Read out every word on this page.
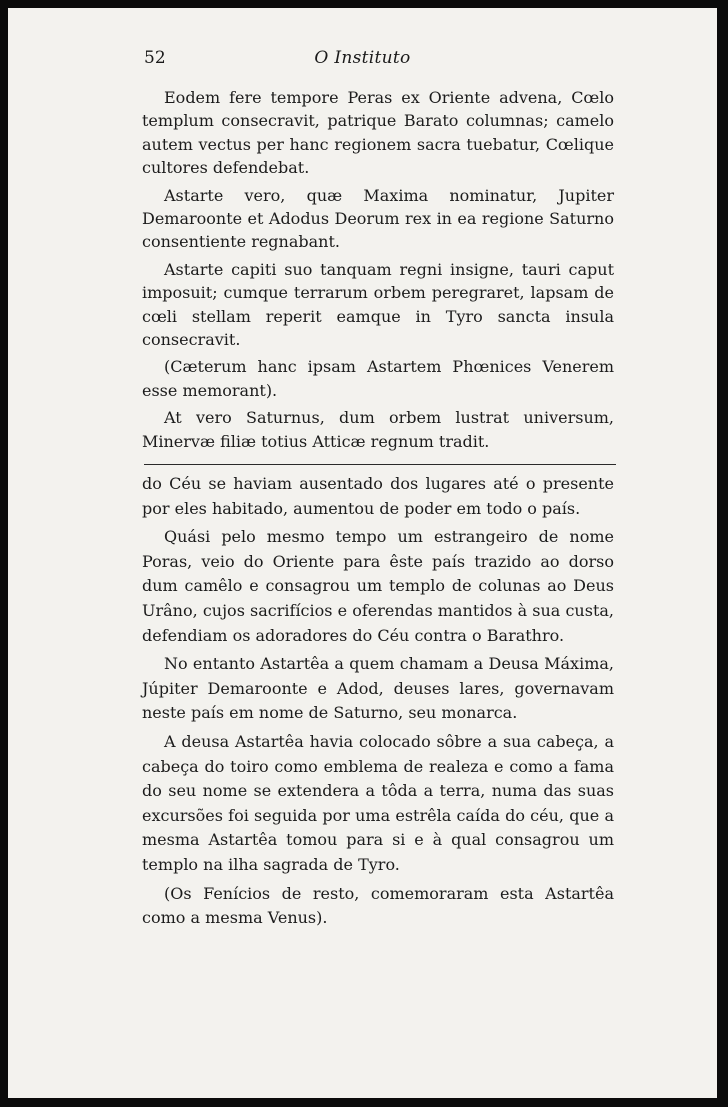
52	O Instituto

Eodem fere tempore Peras ex Oriente advena, Cœlo templum consecravit, patrique Barato columnas; camelo autem vectus per hanc regionem sacra tuebatur, Cœlique cultores defendebat.

Astarte vero, quæ Maxima nominatur, Jupiter Demaroonte et Adodus Deorum rex in ea regione Saturno consentiente regnabant.

Astarte capiti suo tanquam regni insigne, tauri caput imposuit; cumque terrarum orbem peregraret, lapsam de cœli stellam reperit eamque in Tyro sancta insula consecravit.

(Cæterum hanc ipsam Astartem Phœnices Venerem esse memorant).

At vero Saturnus, dum orbem lustrat universum, Minervæ filiæ totius Atticæ regnum tradit.

do Céu se haviam ausentado dos lugares até o presente por eles habitado, aumentou de poder em todo o país.

Quási pelo mesmo tempo um estrangeiro de nome Poras, veio do Oriente para êste país trazido ao dorso dum camêlo e consagrou um templo de colunas ao Deus Urâno, cujos sacrifícios e oferendas mantidos à sua custa, defendiam os adoradores do Céu contra o Barathro.

No entanto Astartêa a quem chamam a Deusa Máxima, Júpiter Demaroonte e Adod, deuses lares, governavam neste país em nome de Saturno, seu monarca.

A deusa Astartêa havia colocado sôbre a sua cabeça, a cabeça do toiro como emblema de realeza e como a fama do seu nome se extendera a tôda a terra, numa das suas excursões foi seguida por uma estrêla caída do céu, que a mesma Astartêa tomou para si e à qual consagrou um templo na ilha sagrada de Tyro.

(Os Fenícios de resto, comemoraram esta Astartêa como a mesma Venus).
